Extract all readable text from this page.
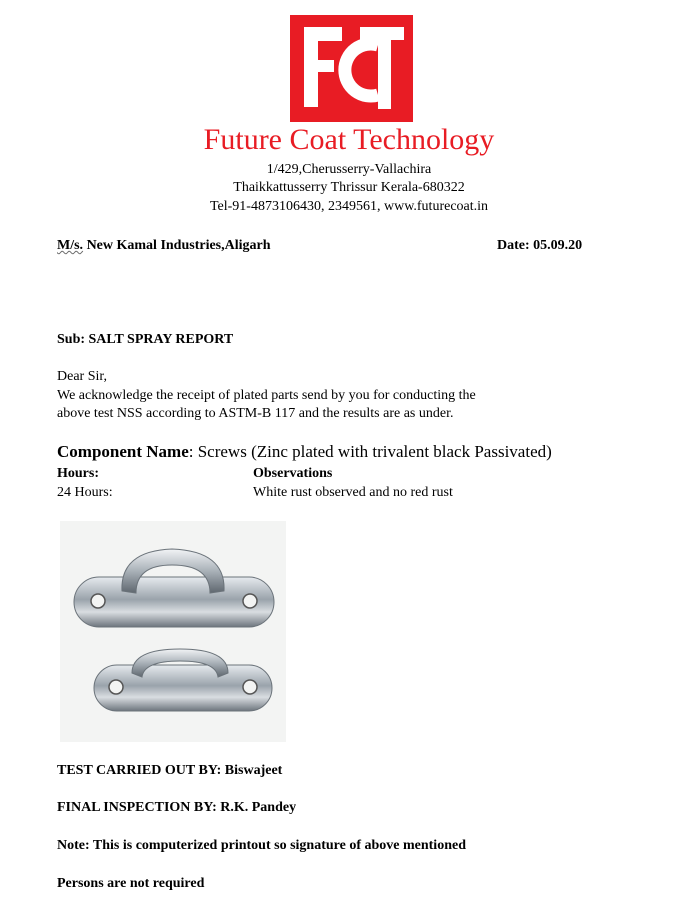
Future Coat Technology
1/429,Cherusserry-Vallachira
Thaikkattusserry Thrissur Kerala-680322
Tel-91-4873106430, 2349561, www.futurecoat.in
M/s. New Kamal Industries,Aligarh	Date: 05.09.20
Sub: SALT SPRAY REPORT
Dear Sir,
We acknowledge the receipt of plated parts send by you for conducting the
above test NSS according to ASTM-B 117 and the results are as under.
Component Name: Screws (Zinc plated with trivalent black Passivated)
Hours:	Observations
24 Hours:	White rust observed and no red rust
TEST CARRIED OUT BY: Biswajeet
FINAL INSPECTION BY: R.K. Pandey
Note: This is computerized printout so signature of above mentioned
Persons are not required
